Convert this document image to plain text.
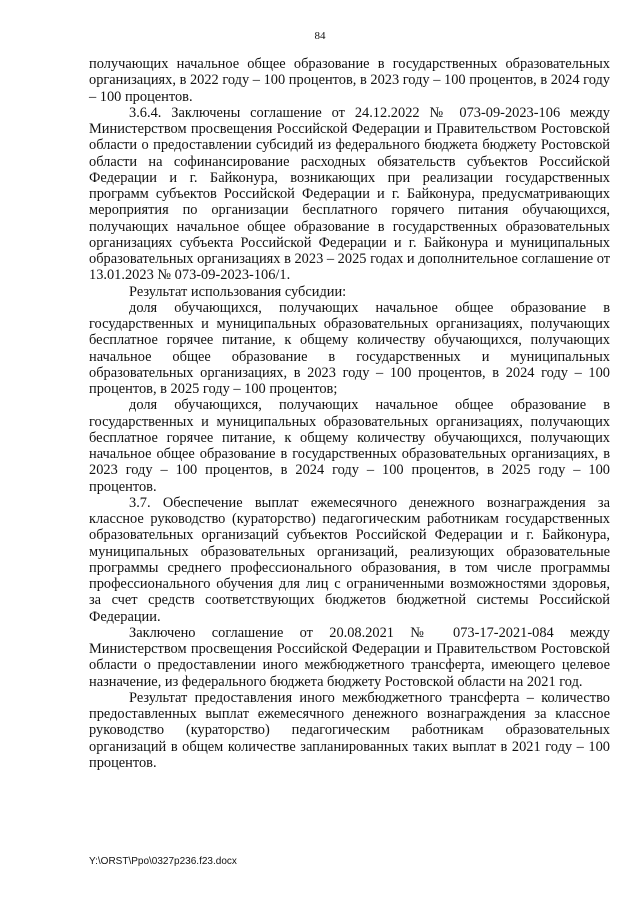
84

получающих начальное общее образование в государственных образовательных организациях, в 2022 году – 100 процентов, в 2023 году – 100 процентов, в 2024 году – 100 процентов.

3.6.4. Заключены соглашение от 24.12.2022 № 073-09-2023-106 между Министерством просвещения Российской Федерации и Правительством Ростовской области о предоставлении субсидий из федерального бюджета бюджету Ростовской области на софинансирование расходных обязательств субъектов Российской Федерации и г. Байконура, возникающих при реализации государственных программ субъектов Российской Федерации и г. Байконура, предусматривающих мероприятия по организации бесплатного горячего питания обучающихся, получающих начальное общее образование в государственных образовательных организациях субъекта Российской Федерации и г. Байконура и муниципальных образовательных организациях в 2023 – 2025 годах и дополнительное соглашение от 13.01.2023 № 073-09-2023-106/1.

Результат использования субсидии:

доля обучающихся, получающих начальное общее образование в государственных и муниципальных образовательных организациях, получающих бесплатное горячее питание, к общему количеству обучающихся, получающих начальное общее образование в государственных и муниципальных образовательных организациях, в 2023 году – 100 процентов, в 2024 году – 100 процентов, в 2025 году – 100 процентов;

доля обучающихся, получающих начальное общее образование в государственных и муниципальных образовательных организациях, получающих бесплатное горячее питание, к общему количеству обучающихся, получающих начальное общее образование в государственных образовательных организациях, в 2023 году – 100 процентов, в 2024 году – 100 процентов, в 2025 году – 100 процентов.

3.7. Обеспечение выплат ежемесячного денежного вознаграждения за классное руководство (кураторство) педагогическим работникам государственных образовательных организаций субъектов Российской Федерации и г. Байконура, муниципальных образовательных организаций, реализующих образовательные программы среднего профессионального образования, в том числе программы профессионального обучения для лиц с ограниченными возможностями здоровья, за счет средств соответствующих бюджетов бюджетной системы Российской Федерации.

Заключено соглашение от 20.08.2021 № 073-17-2021-084 между Министерством просвещения Российской Федерации и Правительством Ростовской области о предоставлении иного межбюджетного трансферта, имеющего целевое назначение, из федерального бюджета бюджету Ростовской области на 2021 год.

Результат предоставления иного межбюджетного трансферта – количество предоставленных выплат ежемесячного денежного вознаграждения за классное руководство (кураторство) педагогическим работникам образовательных организаций в общем количестве запланированных таких выплат в 2021 году – 100 процентов.

Y:\ORST\Ppo\0327p236.f23.docx
